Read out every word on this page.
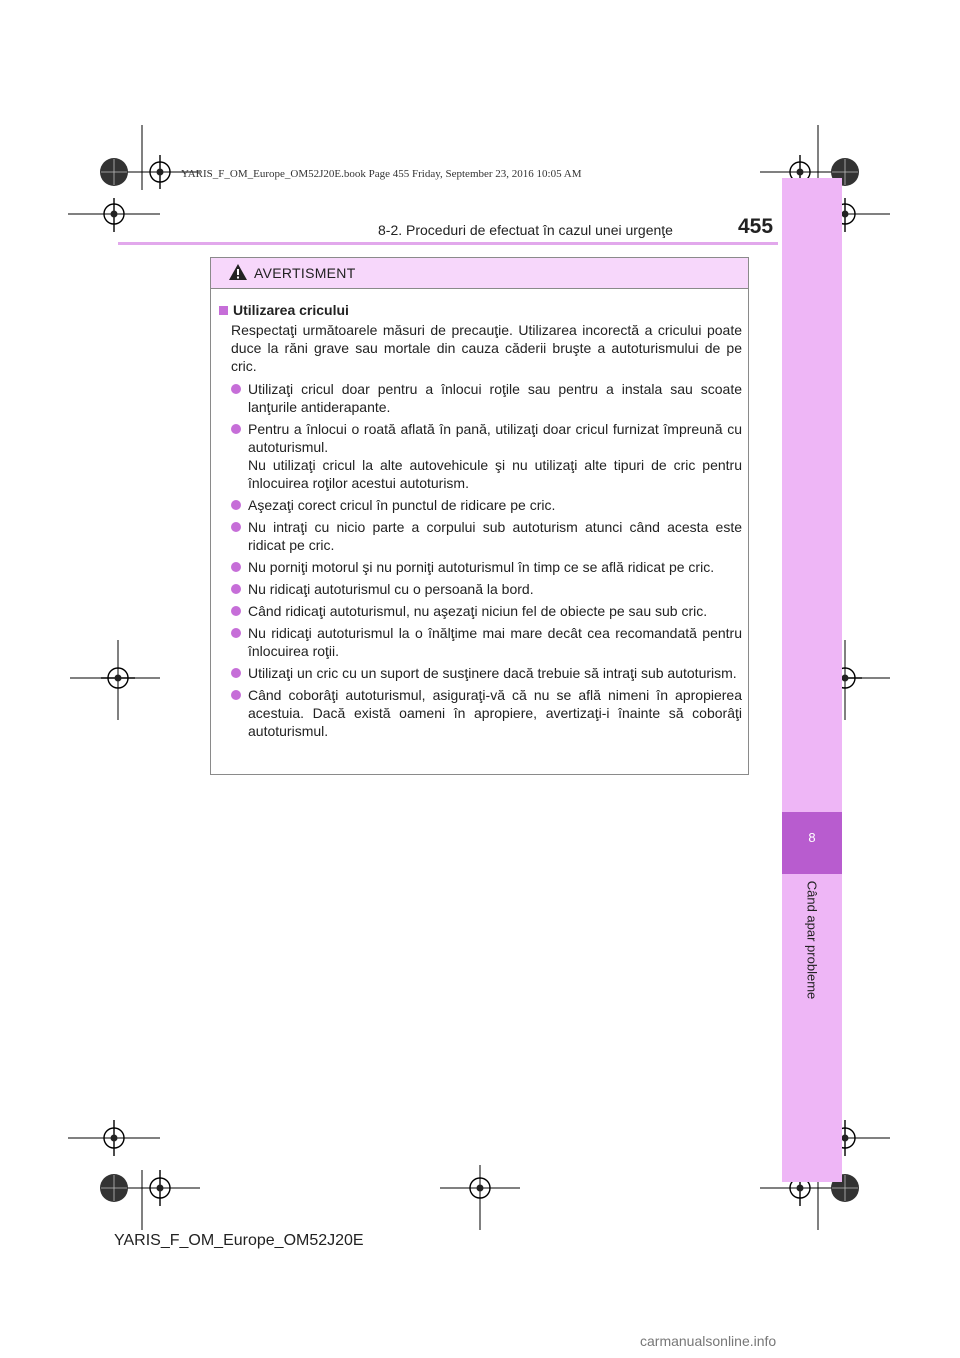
YARIS_F_OM_Europe_OM52J20E.book Page 455 Friday, September 23, 2016 10:05 AM
8-2. Proceduri de efectuat în cazul unei urgenţe	455
8
Când apar probleme
AVERTISMENT
Utilizarea cricului
Respectaţi următoarele măsuri de precauţie. Utilizarea incorectă a cricului poate duce la răni grave sau mortale din cauza căderii bruşte a autoturismului de pe cric.
Utilizaţi cricul doar pentru a înlocui roţile sau pentru a instala sau scoate lanţurile antiderapante.
Pentru a înlocui o roată aflată în pană, utilizaţi doar cricul furnizat împreună cu autoturismul.
Nu utilizaţi cricul la alte autovehicule şi nu utilizaţi alte tipuri de cric pentru înlocuirea roţilor acestui autoturism.
Aşezaţi corect cricul în punctul de ridicare pe cric.
Nu intraţi cu nicio parte a corpului sub autoturism atunci când acesta este ridicat pe cric.
Nu porniţi motorul şi nu porniţi autoturismul în timp ce se află ridicat pe cric.
Nu ridicaţi autoturismul cu o persoană la bord.
Când ridicaţi autoturismul, nu aşezaţi niciun fel de obiecte pe sau sub cric.
Nu ridicaţi autoturismul la o înălţime mai mare decât cea recomandată pentru înlocuirea roţii.
Utilizaţi un cric cu un suport de susţinere dacă trebuie să intraţi sub autoturism.
Când coborâţi autoturismul, asiguraţi-vă că nu se află nimeni în apropierea acestuia. Dacă există oameni în apropiere, avertizaţi-i înainte să coborâţi autoturismul.
YARIS_F_OM_Europe_OM52J20E
carmanualsonline.info
